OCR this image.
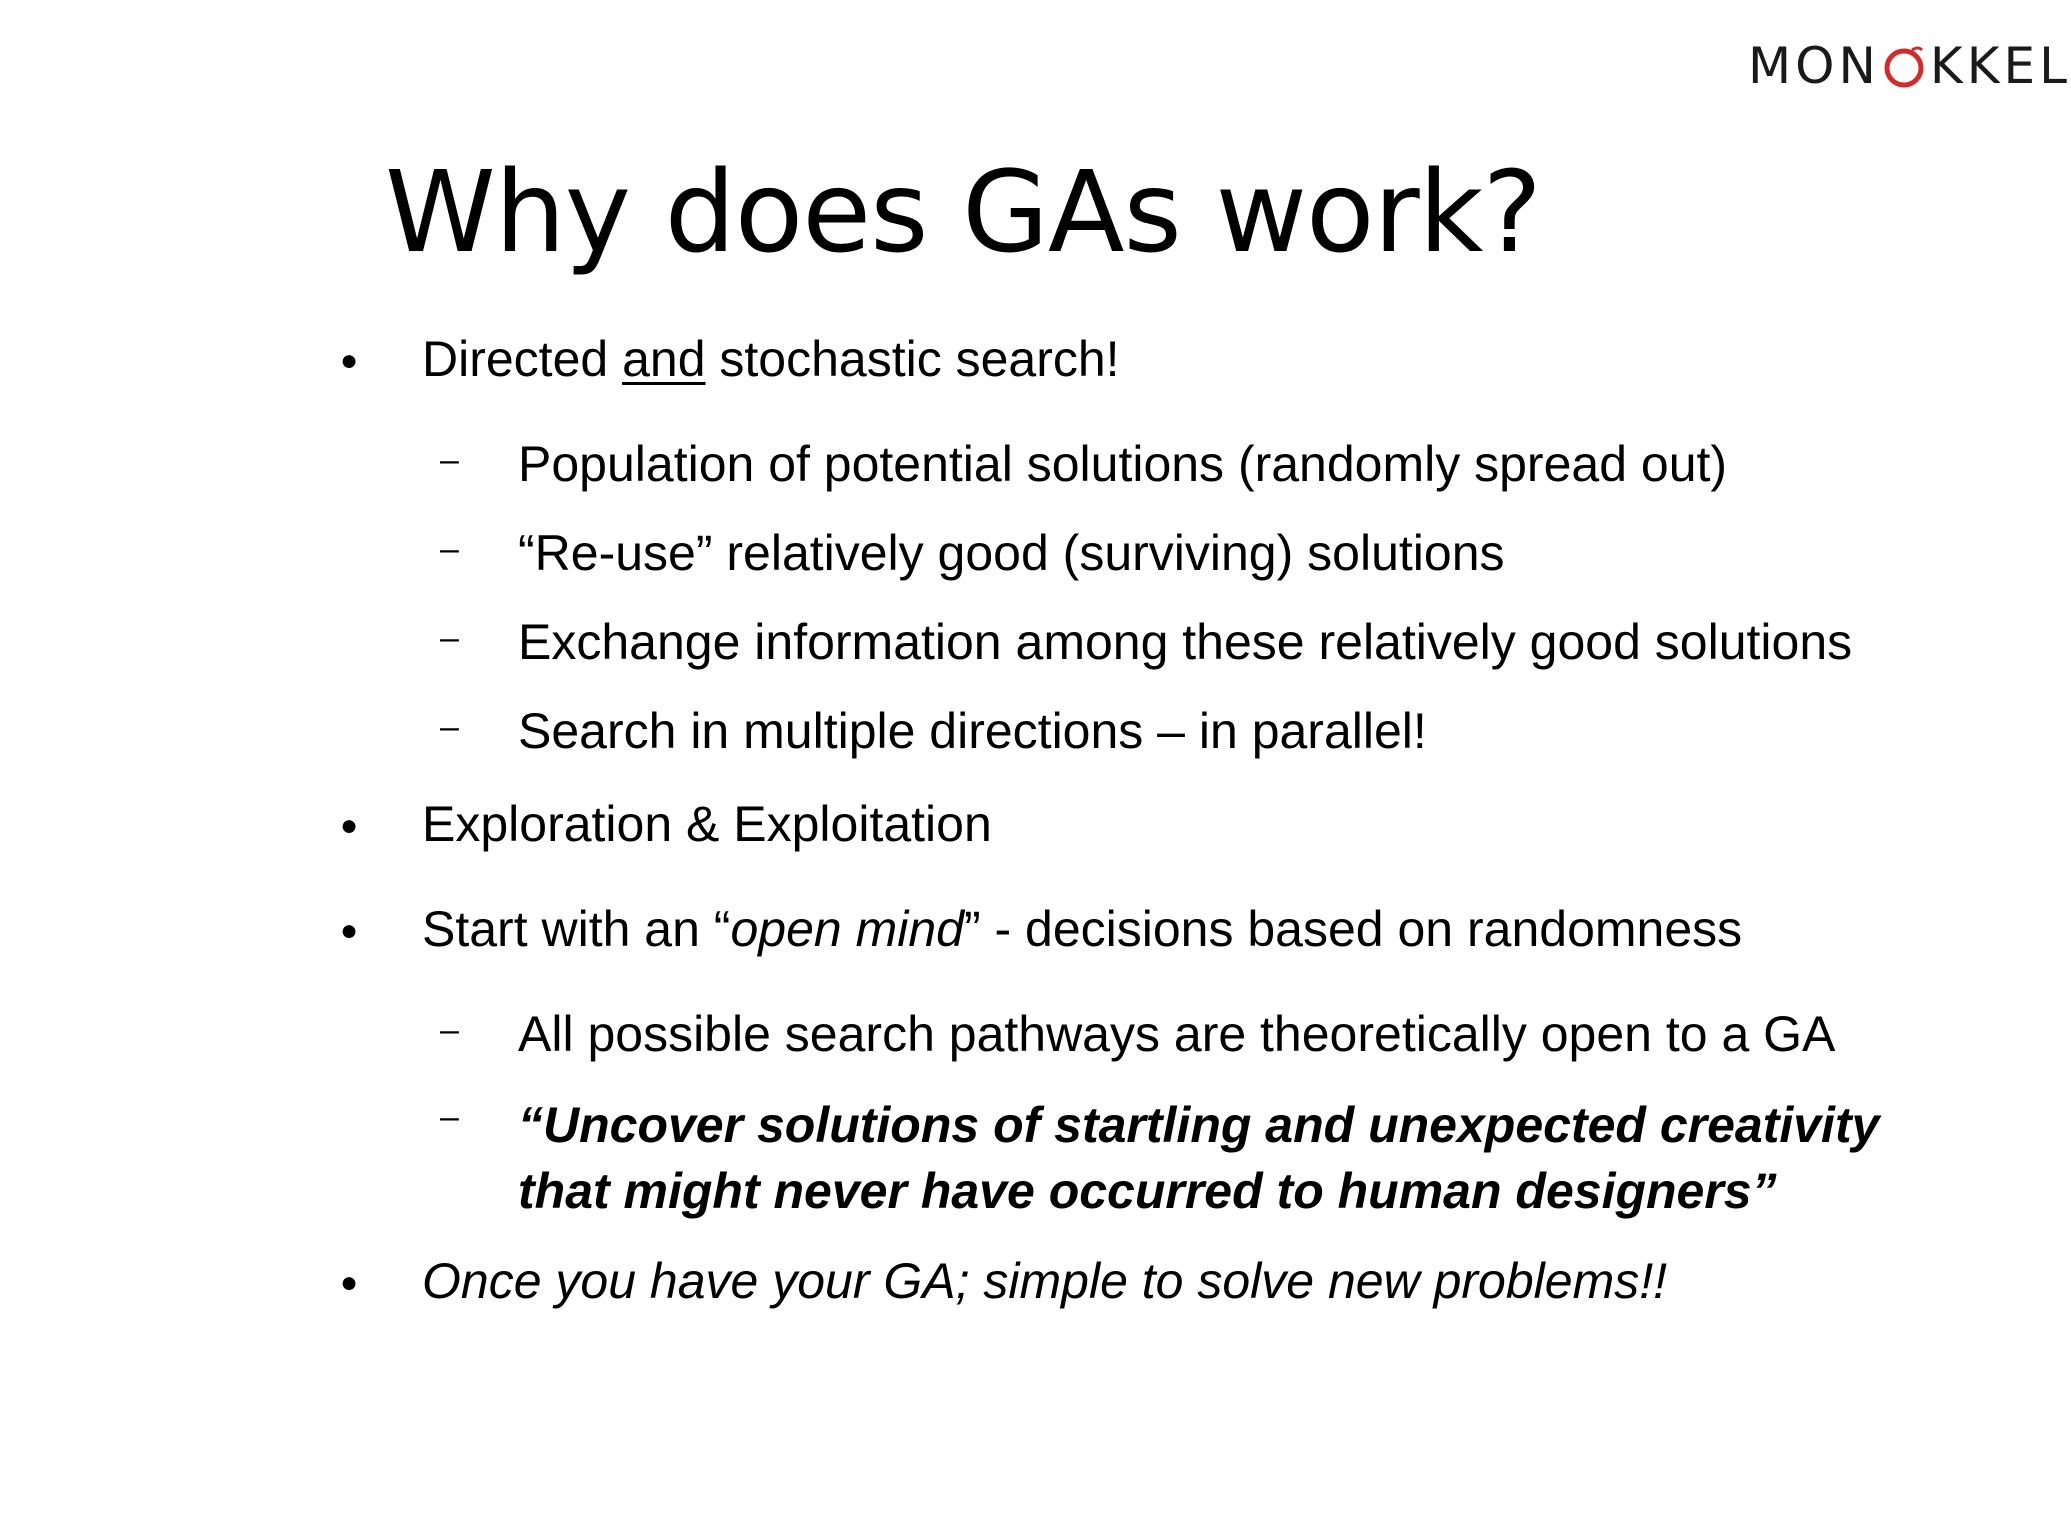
MON KKEL
Why does GAs work?
● Directed and stochastic search!
– Population of potential solutions (randomly spread out)
– “Re-use” relatively good (surviving) solutions
– Exchange information among these relatively good solutions
– Search in multiple directions – in parallel!
● Exploration & Exploitation
● Start with an “open mind” - decisions based on randomness
– All possible search pathways are theoretically open to a GA
– “Uncover solutions of startling and unexpected creativity
that might never have occurred to human designers”
● Once you have your GA; simple to solve new problems!!
